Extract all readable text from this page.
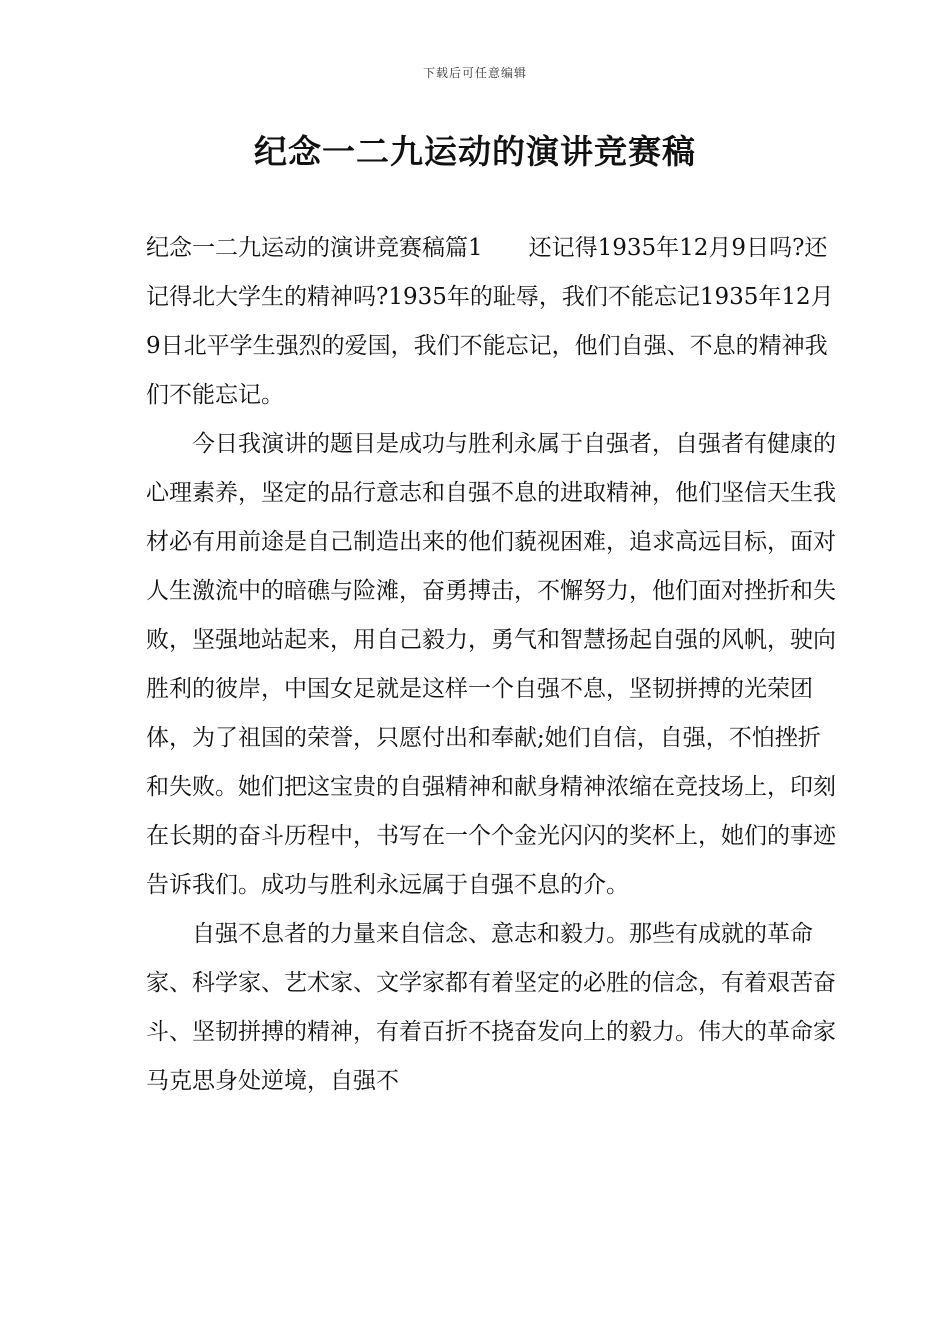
下载后可任意编辑
纪念一二九运动的演讲竞赛稿

纪念一二九运动的演讲竞赛稿篇1　　还记得1935年12月9日吗?还记得北大学生的精神吗?1935年的耻辱，我们不能忘记1935年12月9日北平学生强烈的爱国，我们不能忘记，他们自强、不息的精神我们不能忘记。

今日我演讲的题目是成功与胜利永属于自强者，自强者有健康的心理素养，坚定的品行意志和自强不息的进取精神，他们坚信天生我材必有用前途是自己制造出来的他们藐视困难，追求高远目标，面对人生激流中的暗礁与险滩，奋勇搏击，不懈努力，他们面对挫折和失败，坚强地站起来，用自己毅力，勇气和智慧扬起自强的风帆，驶向胜利的彼岸，中国女足就是这样一个自强不息，坚韧拼搏的光荣团体，为了祖国的荣誉，只愿付出和奉献;她们自信，自强，不怕挫折和失败。她们把这宝贵的自强精神和献身精神浓缩在竞技场上，印刻在长期的奋斗历程中，书写在一个个金光闪闪的奖杯上，她们的事迹告诉我们。成功与胜利永远属于自强不息的介。

自强不息者的力量来自信念、意志和毅力。那些有成就的革命家、科学家、艺术家、文学家都有着坚定的必胜的信念，有着艰苦奋斗、坚韧拼搏的精神，有着百折不挠奋发向上的毅力。伟大的革命家马克思身处逆境，自强不
